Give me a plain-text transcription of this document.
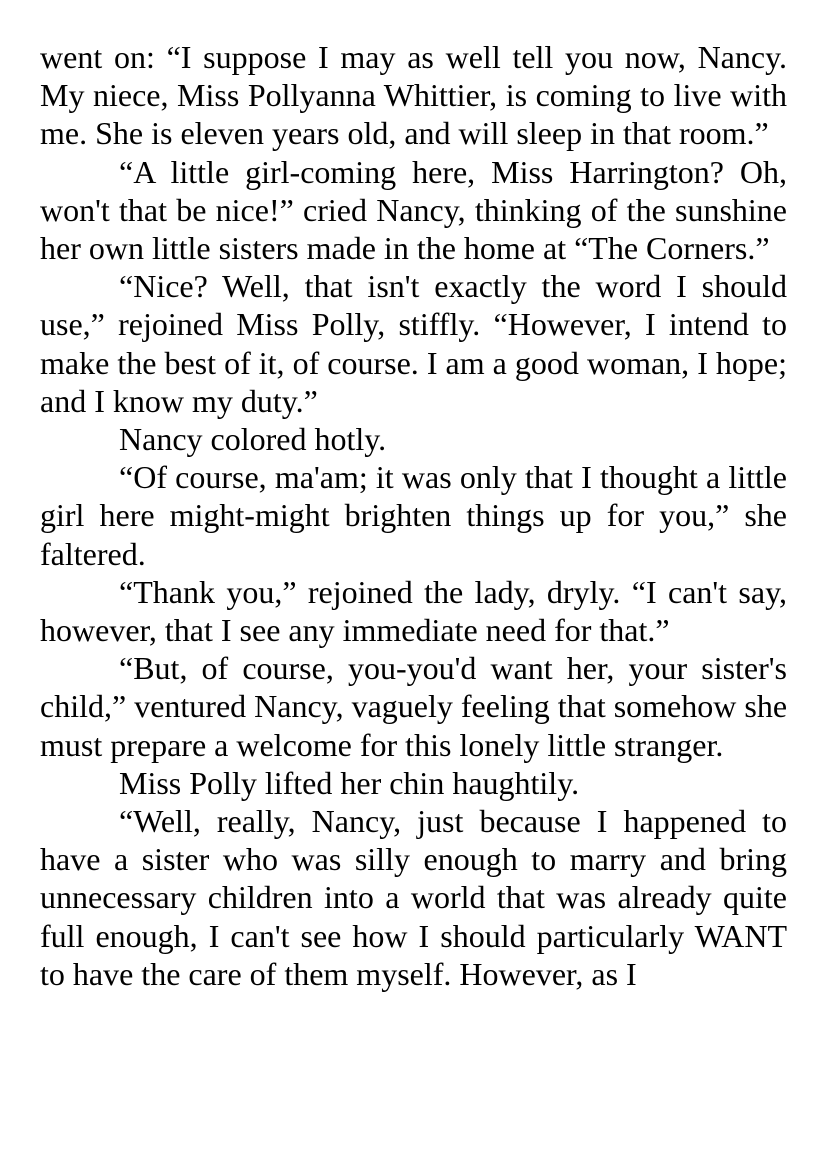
went on: “I suppose I may as well tell you now, Nancy. My niece, Miss Pollyanna Whittier, is coming to live with me. She is eleven years old, and will sleep in that room.”

“A little girl-coming here, Miss Harrington? Oh, won't that be nice!” cried Nancy, thinking of the sunshine her own little sisters made in the home at “The Corners.”

“Nice? Well, that isn't exactly the word I should use,” rejoined Miss Polly, stiffly. “However, I intend to make the best of it, of course. I am a good woman, I hope; and I know my duty.”

Nancy colored hotly.

“Of course, ma'am; it was only that I thought a little girl here might-might brighten things up for you,” she faltered.

“Thank you,” rejoined the lady, dryly. “I can't say, however, that I see any immediate need for that.”

“But, of course, you-you'd want her, your sister's child,” ventured Nancy, vaguely feeling that somehow she must prepare a welcome for this lonely little stranger.

Miss Polly lifted her chin haughtily.

“Well, really, Nancy, just because I happened to have a sister who was silly enough to marry and bring unnecessary children into a world that was already quite full enough, I can't see how I should particularly WANT to have the care of them myself. However, as I
